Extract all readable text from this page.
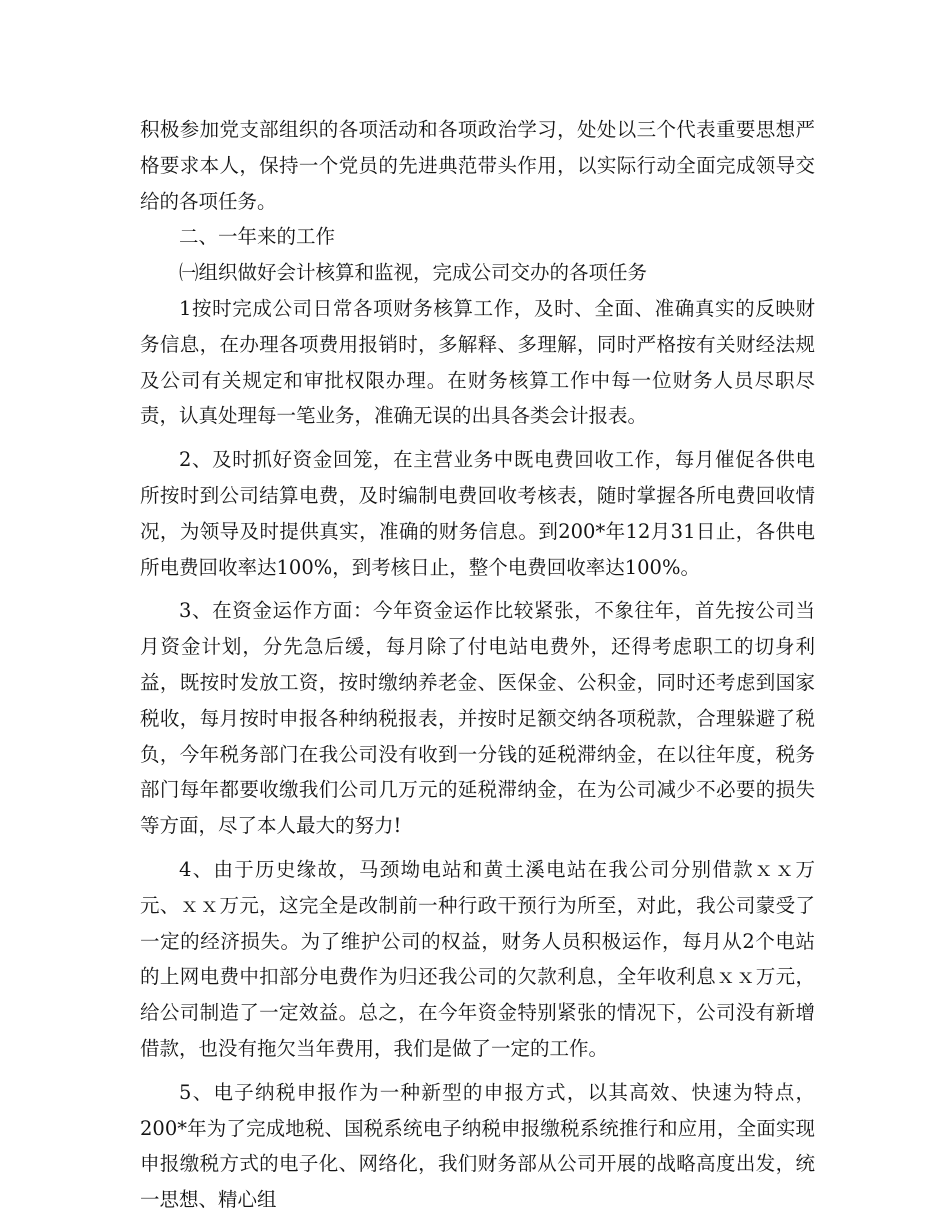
积极参加党支部组织的各项活动和各项政治学习，处处以三个代表重要思想严格要求本人，保持一个党员的先进典范带头作用，以实际行动全面完成领导交给的各项任务。

二、一年来的工作

㈠组织做好会计核算和监视，完成公司交办的各项任务

1按时完成公司日常各项财务核算工作，及时、全面、准确真实的反映财务信息，在办理各项费用报销时，多解释、多理解，同时严格按有关财经法规及公司有关规定和审批权限办理。在财务核算工作中每一位财务人员尽职尽责，认真处理每一笔业务，准确无误的出具各类会计报表。

2、及时抓好资金回笼，在主营业务中既电费回收工作，每月催促各供电所按时到公司结算电费，及时编制电费回收考核表，随时掌握各所电费回收情况，为领导及时提供真实，准确的财务信息。到200*年12月31日止，各供电所电费回收率达100%，到考核日止，整个电费回收率达100%。

3、在资金运作方面：今年资金运作比较紧张，不象往年，首先按公司当月资金计划，分先急后缓，每月除了付电站电费外，还得考虑职工的切身利益，既按时发放工资，按时缴纳养老金、医保金、公积金，同时还考虑到国家税收，每月按时申报各种纳税报表，并按时足额交纳各项税款，合理躲避了税负，今年税务部门在我公司没有收到一分钱的延税滞纳金，在以往年度，税务部门每年都要收缴我们公司几万元的延税滞纳金，在为公司减少不必要的损失等方面，尽了本人最大的努力!

4、由于历史缘故，马颈坳电站和黄土溪电站在我公司分别借款ｘｘ万元、ｘｘ万元，这完全是改制前一种行政干预行为所至，对此，我公司蒙受了一定的经济损失。为了维护公司的权益，财务人员积极运作，每月从2个电站的上网电费中扣部分电费作为归还我公司的欠款利息，全年收利息ｘｘ万元，给公司制造了一定效益。总之，在今年资金特别紧张的情况下，公司没有新增借款，也没有拖欠当年费用，我们是做了一定的工作。

5、电子纳税申报作为一种新型的申报方式，以其高效、快速为特点，200*年为了完成地税、国税系统电子纳税申报缴税系统推行和应用，全面实现申报缴税方式的电子化、网络化，我们财务部从公司开展的战略高度出发，统一思想、精心组
